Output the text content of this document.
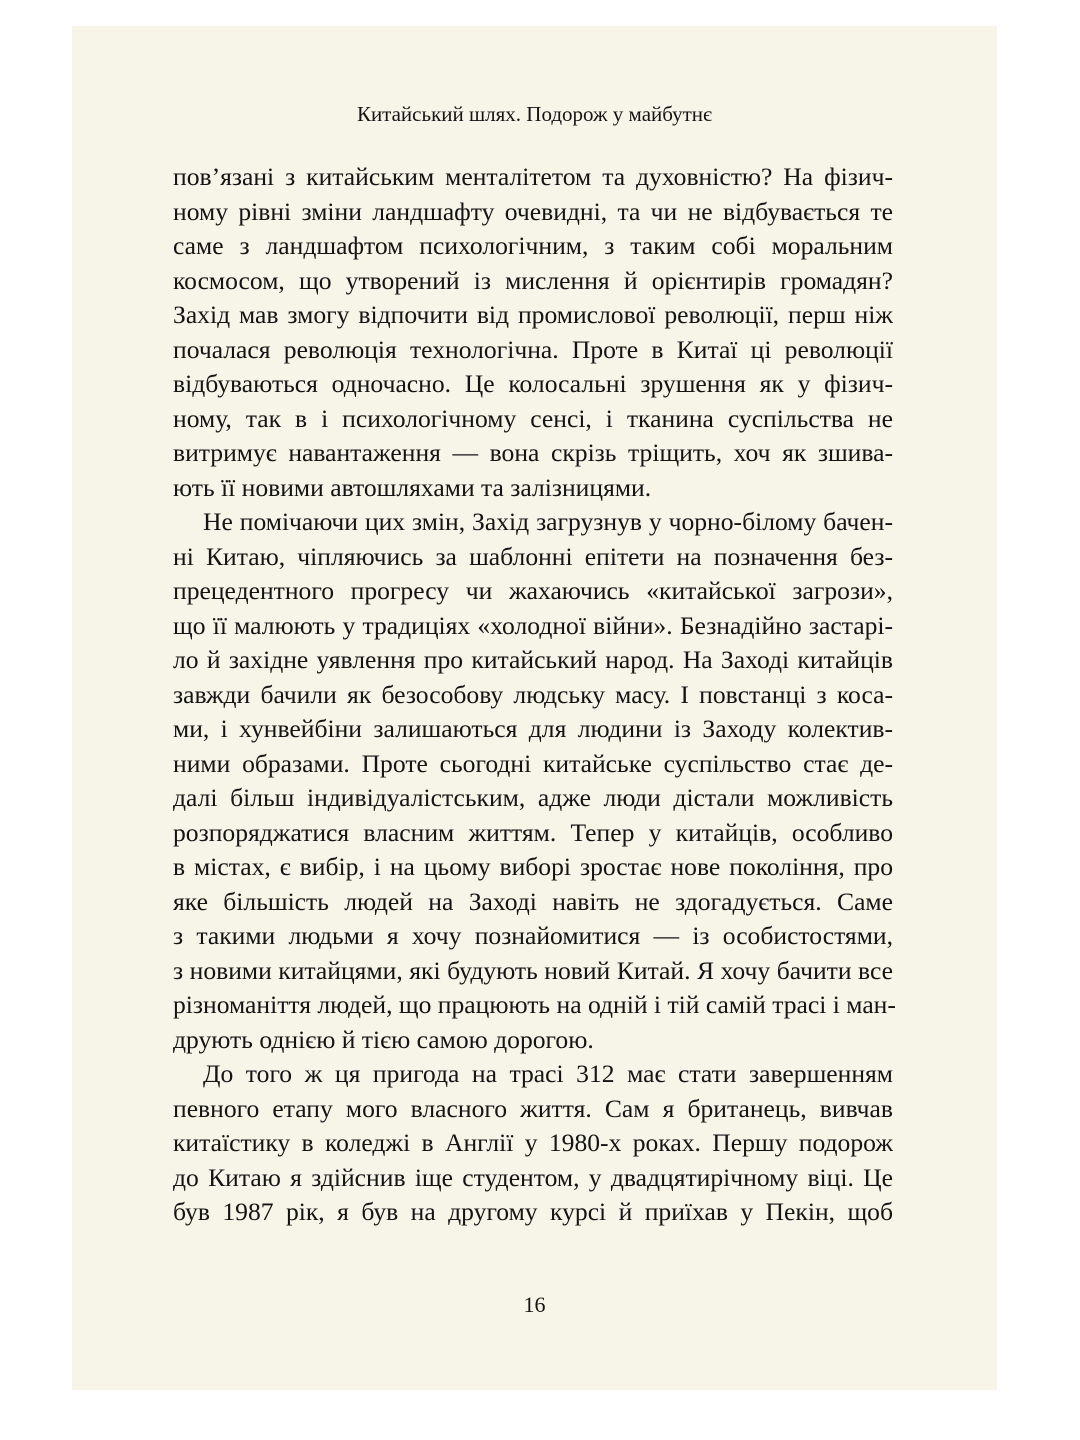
Китайський шлях. Подорож у майбутнє

пов’язані з китайським менталітетом та духовністю? На фізич-
ному рівні зміни ландшафту очевидні, та чи не відбувається те
саме з ландшафтом психологічним, з таким собі моральним
космосом, що утворений із мислення й орієнтирів громадян?
Захід мав змогу відпочити від промислової революції, перш ніж
почалася революція технологічна. Проте в Китаї ці революції
відбуваються одночасно. Це колосальні зрушення як у фізич-
ному, так в і психологічному сенсі, і тканина суспільства не
витримує навантаження — вона скрізь тріщить, хоч як зшива-
ють її новими автошляхами та залізницями.

Не помічаючи цих змін, Захід загрузнув у чорно-білому бачен-
ні Китаю, чіпляючись за шаблонні епітети на позначення без-
прецедентного прогресу чи жахаючись «китайської загрози»,
що її малюють у традиціях «холодної війни». Безнадійно застарі-
ло й західне уявлення про китайський народ. На Заході китайців
завжди бачили як безособову людську масу. І повстанці з коса-
ми, і хунвейбіни залишаються для людини із Заходу колектив-
ними образами. Проте сьогодні китайське суспільство стає де-
далі більш індивідуалістським, адже люди дістали можливість
розпоряджатися власним життям. Тепер у китайців, особливо
в містах, є вибір, і на цьому виборі зростає нове покоління, про
яке більшість людей на Заході навіть не здогадується. Саме
з такими людьми я хочу познайомитися — із особистостями,
з новими китайцями, які будують новий Китай. Я хочу бачити все
різноманіття людей, що працюють на одній і тій самій трасі і ман-
друють однією й тією самою дорогою.

До того ж ця пригода на трасі 312 має стати завершенням
певного етапу мого власного життя. Сам я британець, вивчав
китаїстику в коледжі в Англії у 1980-х роках. Першу подорож
до Китаю я здійснив іще студентом, у двадцятирічному віці. Це
був 1987 рік, я був на другому курсі й приїхав у Пекін, щоб

16
